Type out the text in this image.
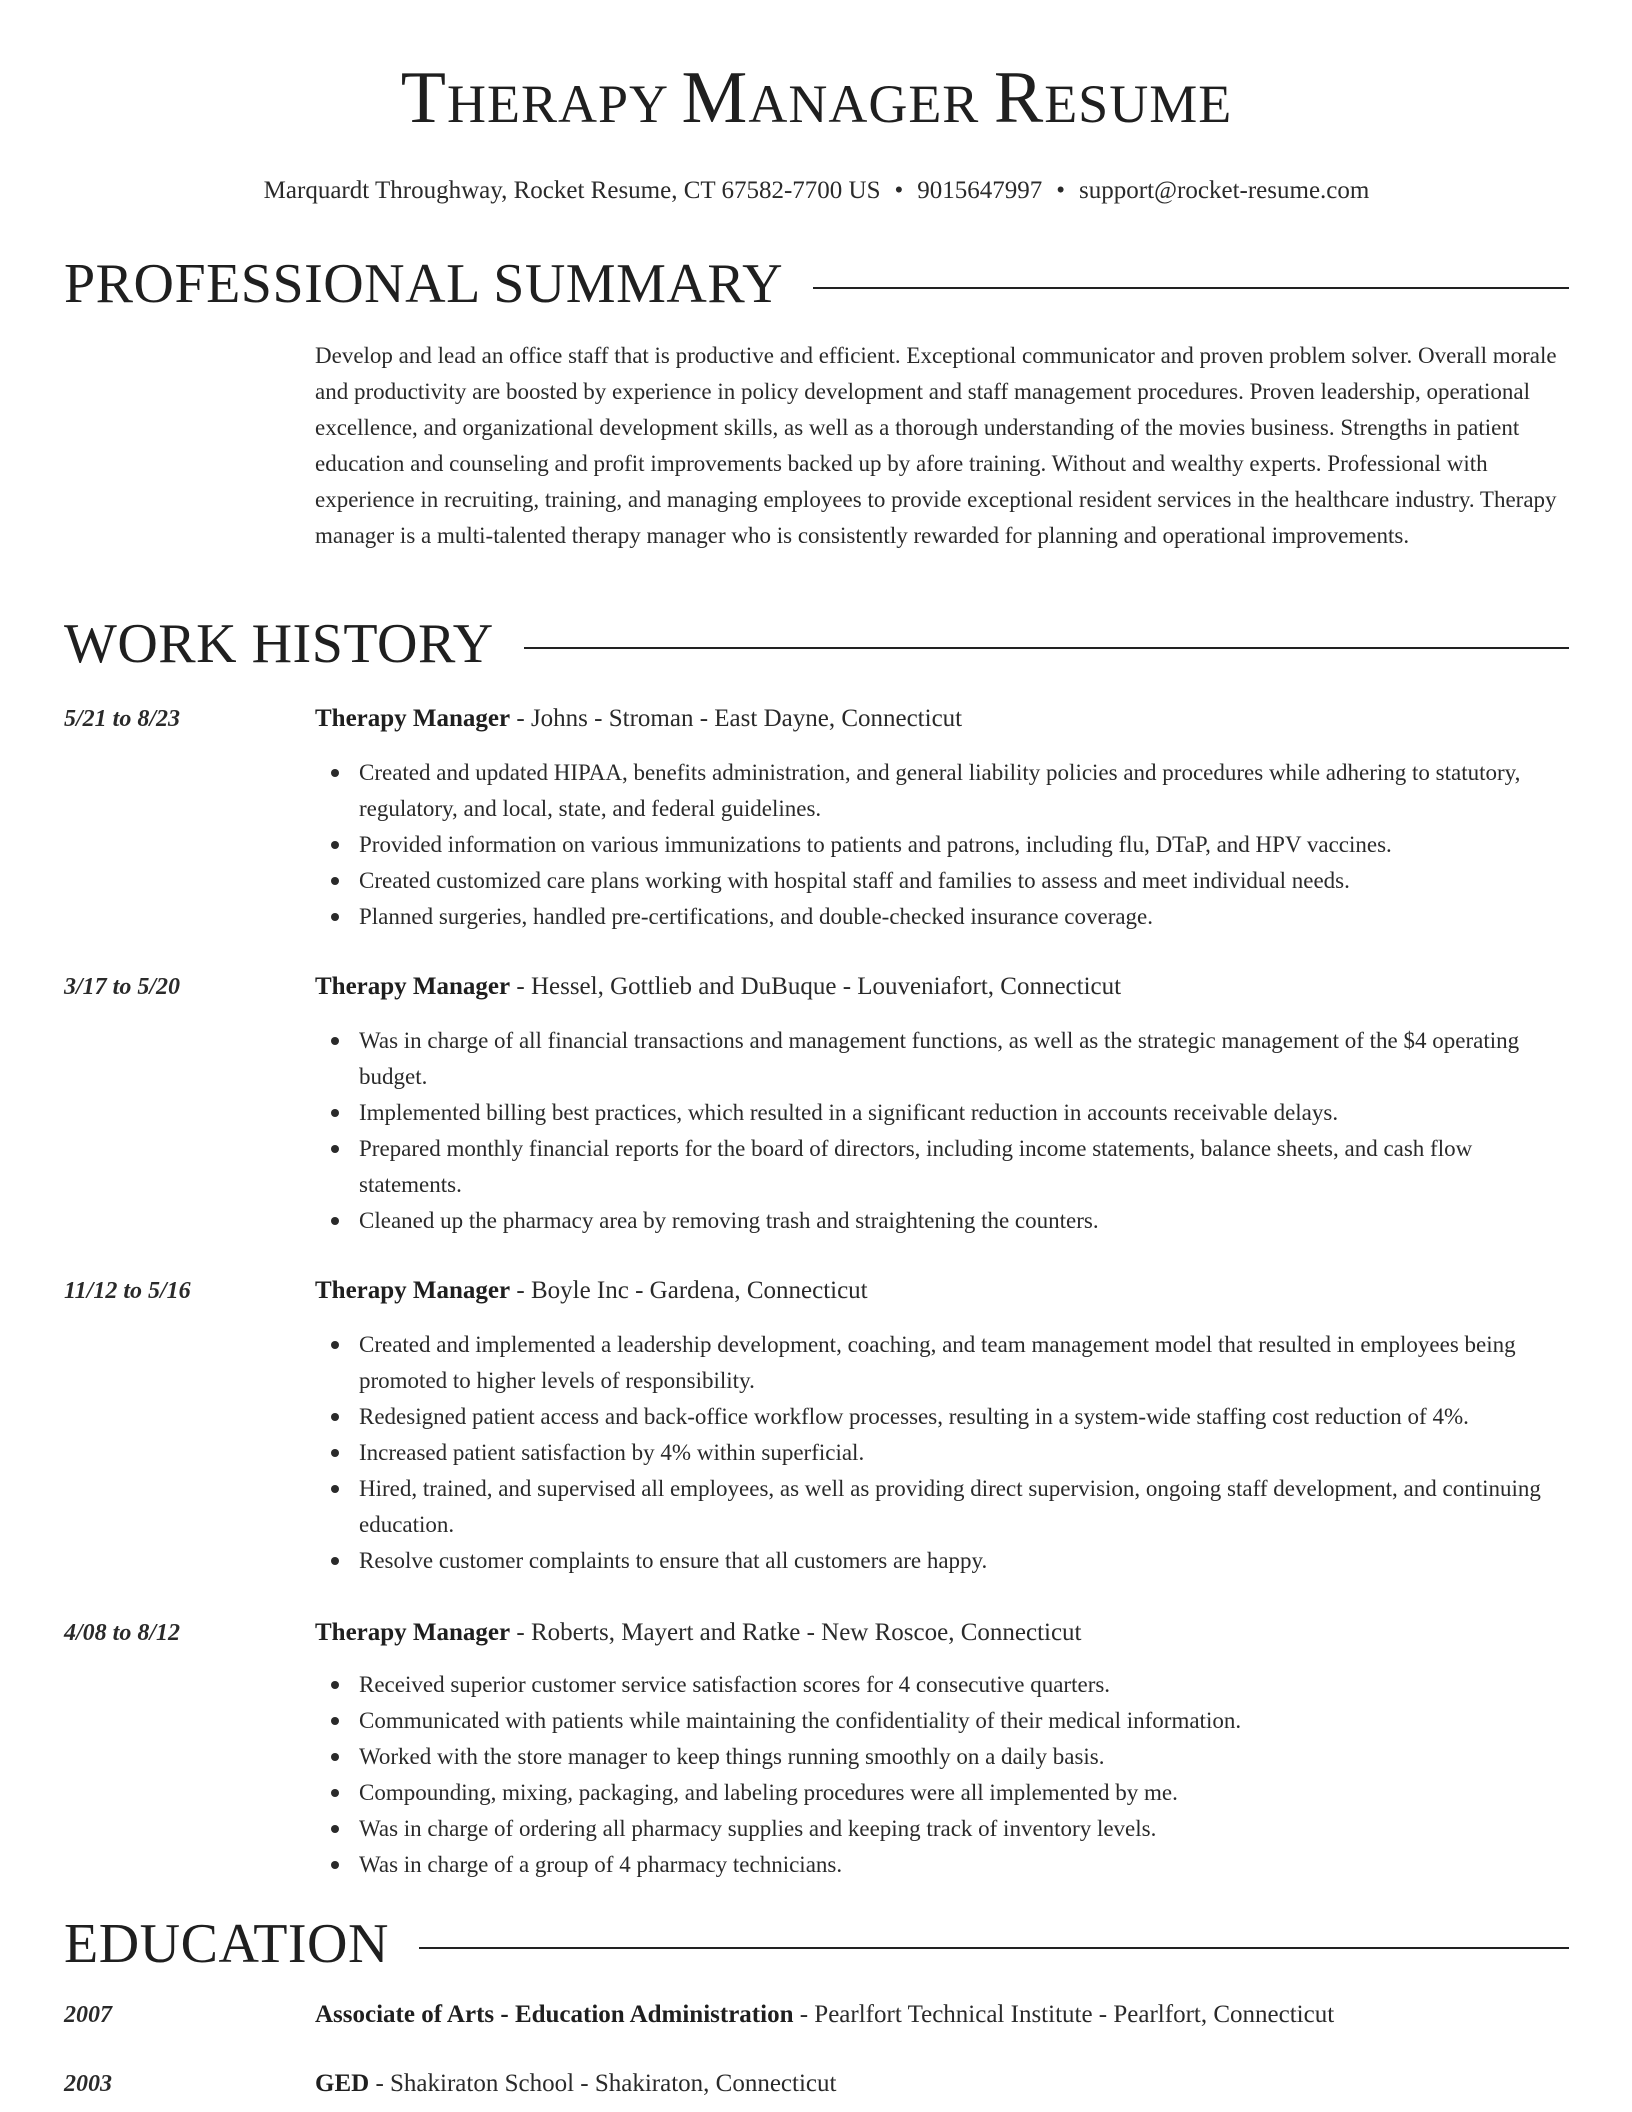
THERAPY MANAGER RESUME
Marquardt Throughway, Rocket Resume, CT 67582-7700 US • 9015647997 • support@rocket-resume.com
PROFESSIONAL SUMMARY

Develop and lead an office staff that is productive and efficient. Exceptional communicator and proven problem solver. Overall morale and productivity are boosted by experience in policy development and staff management procedures. Proven leadership, operational excellence, and organizational development skills, as well as a thorough understanding of the movies business. Strengths in patient education and counseling and profit improvements backed up by afore training. Without and wealthy experts. Professional with experience in recruiting, training, and managing employees to provide exceptional resident services in the healthcare industry. Therapy manager is a multi-talented therapy manager who is consistently rewarded for planning and operational improvements.

WORK HISTORY
5/21 to 8/23	Therapy Manager - Johns - Stroman - East Dayne, Connecticut
Created and updated HIPAA, benefits administration, and general liability policies and procedures while adhering to statutory, regulatory, and local, state, and federal guidelines.
Provided information on various immunizations to patients and patrons, including flu, DTaP, and HPV vaccines.
Created customized care plans working with hospital staff and families to assess and meet individual needs.
Planned surgeries, handled pre-certifications, and double-checked insurance coverage.
3/17 to 5/20	Therapy Manager - Hessel, Gottlieb and DuBuque - Louveniafort, Connecticut
Was in charge of all financial transactions and management functions, as well as the strategic management of the $4 operating budget.
Implemented billing best practices, which resulted in a significant reduction in accounts receivable delays.
Prepared monthly financial reports for the board of directors, including income statements, balance sheets, and cash flow statements.
Cleaned up the pharmacy area by removing trash and straightening the counters.
11/12 to 5/16	Therapy Manager - Boyle Inc - Gardena, Connecticut
Created and implemented a leadership development, coaching, and team management model that resulted in employees being promoted to higher levels of responsibility.
Redesigned patient access and back-office workflow processes, resulting in a system-wide staffing cost reduction of 4%.
Increased patient satisfaction by 4% within superficial.
Hired, trained, and supervised all employees, as well as providing direct supervision, ongoing staff development, and continuing education.
Resolve customer complaints to ensure that all customers are happy.
4/08 to 8/12	Therapy Manager - Roberts, Mayert and Ratke - New Roscoe, Connecticut
Received superior customer service satisfaction scores for 4 consecutive quarters.
Communicated with patients while maintaining the confidentiality of their medical information.
Worked with the store manager to keep things running smoothly on a daily basis.
Compounding, mixing, packaging, and labeling procedures were all implemented by me.
Was in charge of ordering all pharmacy supplies and keeping track of inventory levels.
Was in charge of a group of 4 pharmacy technicians.
EDUCATION
2007	Associate of Arts - Education Administration - Pearlfort Technical Institute - Pearlfort, Connecticut
2003	GED - Shakiraton School - Shakiraton, Connecticut
